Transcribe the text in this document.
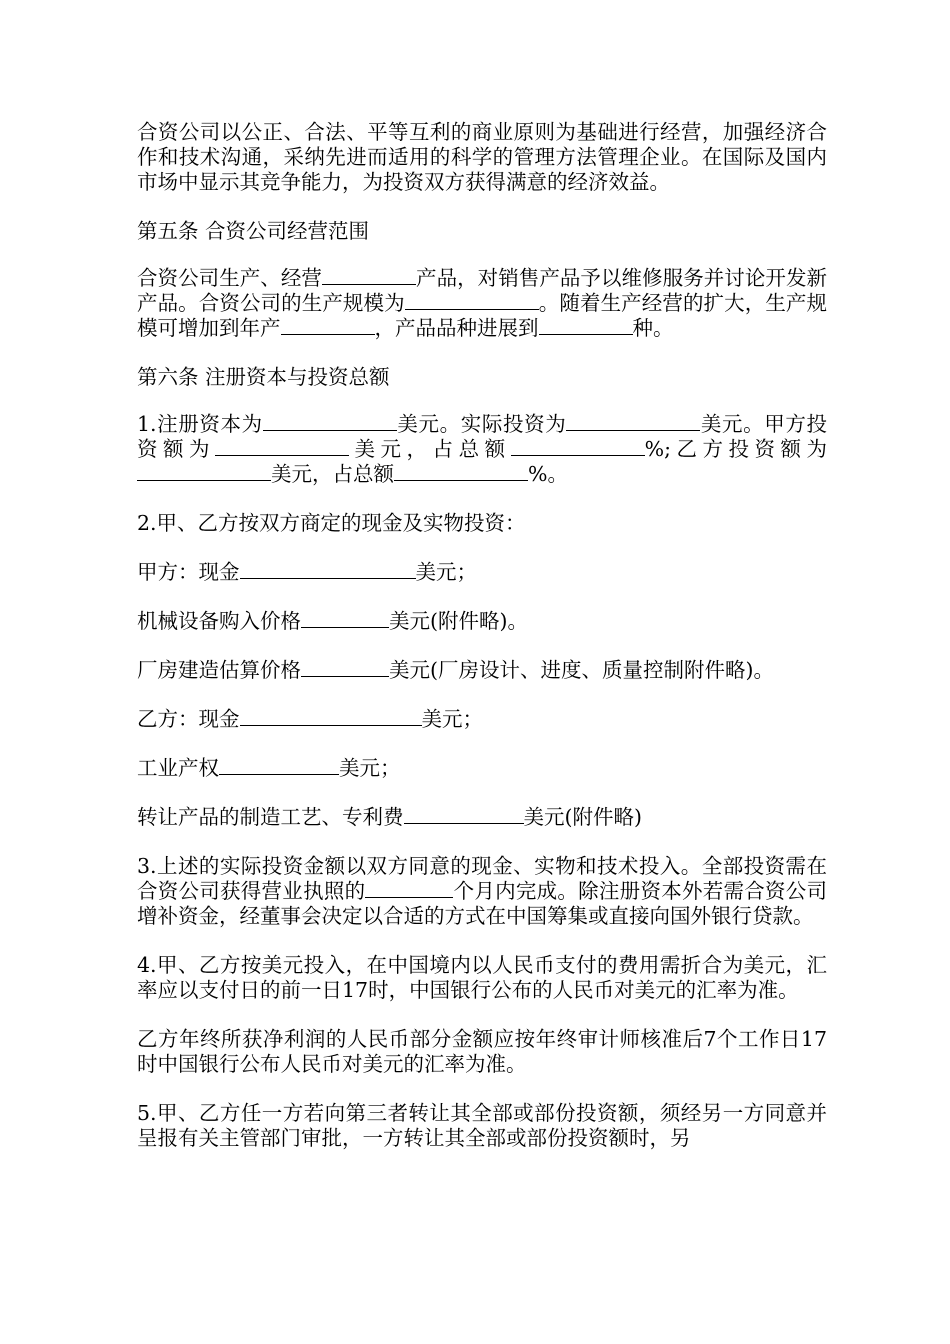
合资公司以公正、合法、平等互利的商业原则为基础进行经营，加强经济合作和技术沟通，采纳先进而适用的科学的管理方法管理企业。在国际及国内市场中显示其竞争能力，为投资双方获得满意的经济效益。

第五条 合资公司经营范围

合资公司生产、经营	产品，对销售产品予以维修服务并讨论开发新产品。合资公司的生产规模为	。随着生产经营的扩大，生产规模可增加到年产	，产品品种进展到	种。

第六条 注册资本与投资总额

1.注册资本为	美元。实际投资为	美元。甲方投资额为	美元，占总额	%;乙方投资额为美元，占总额	%。

2.甲、乙方按双方商定的现金及实物投资：

甲方：现金	美元；

机械设备购入价格	美元(附件略)。

厂房建造估算价格	美元(厂房设计、进度、质量控制附件略)。

乙方：现金	美元；

工业产权	美元；

转让产品的制造工艺、专利费	美元(附件略)

3.上述的实际投资金额以双方同意的现金、实物和技术投入。全部投资需在合资公司获得营业执照的	个月内完成。除注册资本外若需合资公司增补资金，经董事会决定以合适的方式在中国筹集或直接向国外银行贷款。

4.甲、乙方按美元投入，在中国境内以人民币支付的费用需折合为美元，汇率应以支付日的前一日17时，中国银行公布的人民币对美元的汇率为准。

乙方年终所获净利润的人民币部分金额应按年终审计师核准后7个工作日17时中国银行公布人民币对美元的汇率为准。

5.甲、乙方任一方若向第三者转让其全部或部份投资额，须经另一方同意并呈报有关主管部门审批，一方转让其全部或部份投资额时，另
